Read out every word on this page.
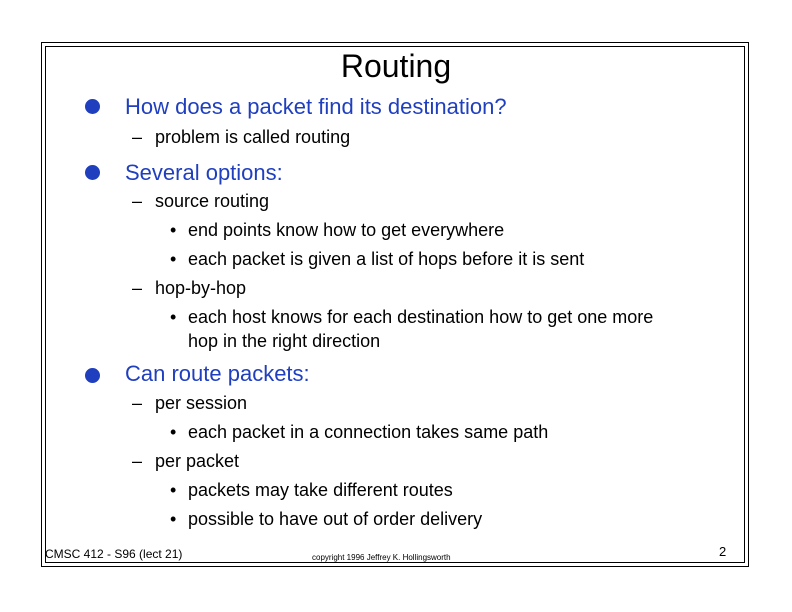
Routing
How does a packet find its destination?
– problem is called routing
Several options:
– source routing
• end points know how to get everywhere
• each packet is given a list of hops before it is sent
– hop-by-hop
• each host knows for each destination how to get one more hop in the right direction
Can route packets:
– per session
• each packet in a connection takes same path
– per packet
• packets may take different routes
• possible to have out of order delivery
CMSC 412 - S96 (lect 21)	copyright 1996 Jeffrey K. Hollingsworth	2
